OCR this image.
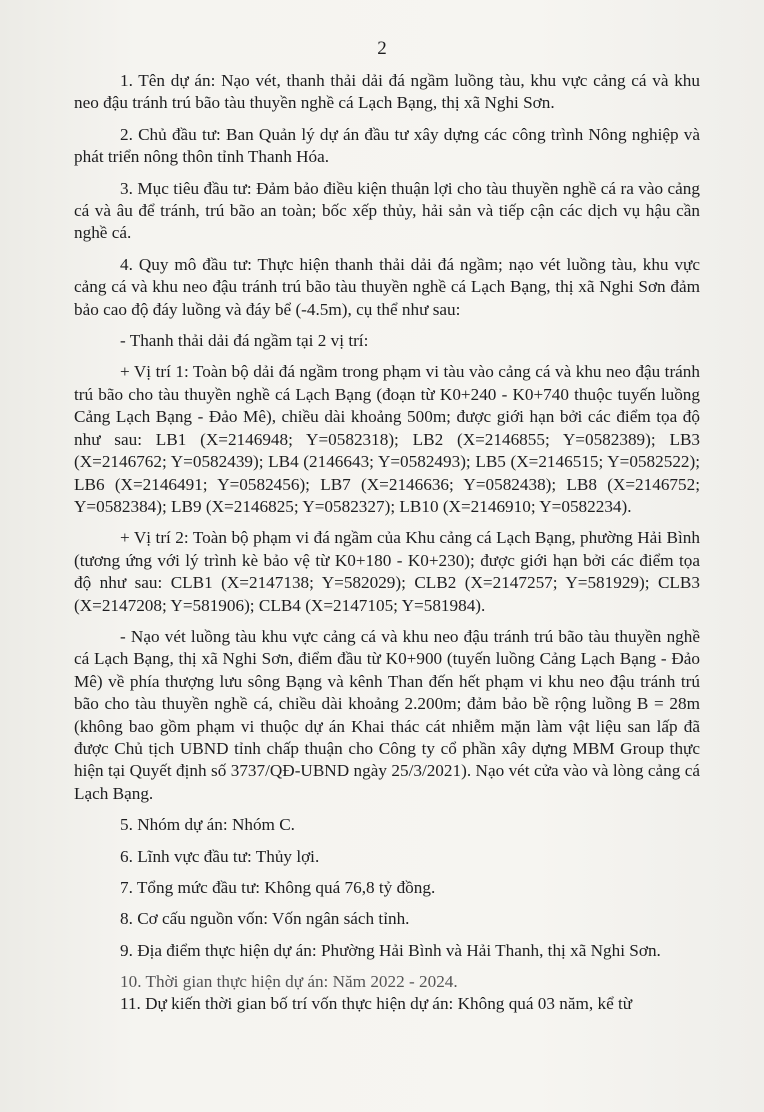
2

1. Tên dự án: Nạo vét, thanh thải dải đá ngầm luồng tàu, khu vực cảng cá và khu neo đậu tránh trú bão tàu thuyền nghề cá Lạch Bạng, thị xã Nghi Sơn.

2. Chủ đầu tư: Ban Quản lý dự án đầu tư xây dựng các công trình Nông nghiệp và phát triển nông thôn tỉnh Thanh Hóa.

3. Mục tiêu đầu tư: Đảm bảo điều kiện thuận lợi cho tàu thuyền nghề cá ra vào cảng cá và âu để tránh, trú bão an toàn; bốc xếp thủy, hải sản và tiếp cận các dịch vụ hậu cần nghề cá.

4. Quy mô đầu tư: Thực hiện thanh thải dải đá ngầm; nạo vét luồng tàu, khu vực cảng cá và khu neo đậu tránh trú bão tàu thuyền nghề cá Lạch Bạng, thị xã Nghi Sơn đảm bảo cao độ đáy luồng và đáy bể (-4.5m), cụ thể như sau:

- Thanh thải dải đá ngầm tại 2 vị trí:

+ Vị trí 1: Toàn bộ dải đá ngầm trong phạm vi tàu vào cảng cá và khu neo đậu tránh trú bão cho tàu thuyền nghề cá Lạch Bạng (đoạn từ K0+240 - K0+740 thuộc tuyến luồng Cảng Lạch Bạng - Đảo Mê), chiều dài khoảng 500m; được giới hạn bởi các điểm tọa độ như sau: LB1 (X=2146948; Y=0582318); LB2 (X=2146855; Y=0582389); LB3 (X=2146762; Y=0582439); LB4 (2146643; Y=0582493); LB5 (X=2146515; Y=0582522); LB6 (X=2146491; Y=0582456); LB7 (X=2146636; Y=0582438); LB8 (X=2146752; Y=0582384); LB9 (X=2146825; Y=0582327); LB10 (X=2146910; Y=0582234).

+ Vị trí 2: Toàn bộ phạm vi đá ngầm của Khu cảng cá Lạch Bạng, phường Hải Bình (tương ứng với lý trình kè bảo vệ từ K0+180 - K0+230); được giới hạn bởi các điểm tọa độ như sau: CLB1 (X=2147138; Y=582029); CLB2 (X=2147257; Y=581929); CLB3 (X=2147208; Y=581906); CLB4 (X=2147105; Y=581984).

- Nạo vét luồng tàu khu vực cảng cá và khu neo đậu tránh trú bão tàu thuyền nghề cá Lạch Bạng, thị xã Nghi Sơn, điểm đầu từ K0+900 (tuyến luồng Cảng Lạch Bạng - Đảo Mê) về phía thượng lưu sông Bạng và kênh Than đến hết phạm vi khu neo đậu tránh trú bão cho tàu thuyền nghề cá, chiều dài khoảng 2.200m; đảm bảo bề rộng luồng B = 28m (không bao gồm phạm vi thuộc dự án Khai thác cát nhiễm mặn làm vật liệu san lấp đã được Chủ tịch UBND tỉnh chấp thuận cho Công ty cổ phần xây dựng MBM Group thực hiện tại Quyết định số 3737/QĐ-UBND ngày 25/3/2021). Nạo vét cửa vào và lòng cảng cá Lạch Bạng.

5. Nhóm dự án: Nhóm C.

6. Lĩnh vực đầu tư: Thủy lợi.

7. Tổng mức đầu tư: Không quá 76,8 tỷ đồng.

8. Cơ cấu nguồn vốn: Vốn ngân sách tỉnh.

9. Địa điểm thực hiện dự án: Phường Hải Bình và Hải Thanh, thị xã Nghi Sơn.

10. Thời gian thực hiện dự án: Năm 2022 - 2024.

11. Dự kiến thời gian bố trí vốn thực hiện dự án: Không quá 03 năm, kể từ
